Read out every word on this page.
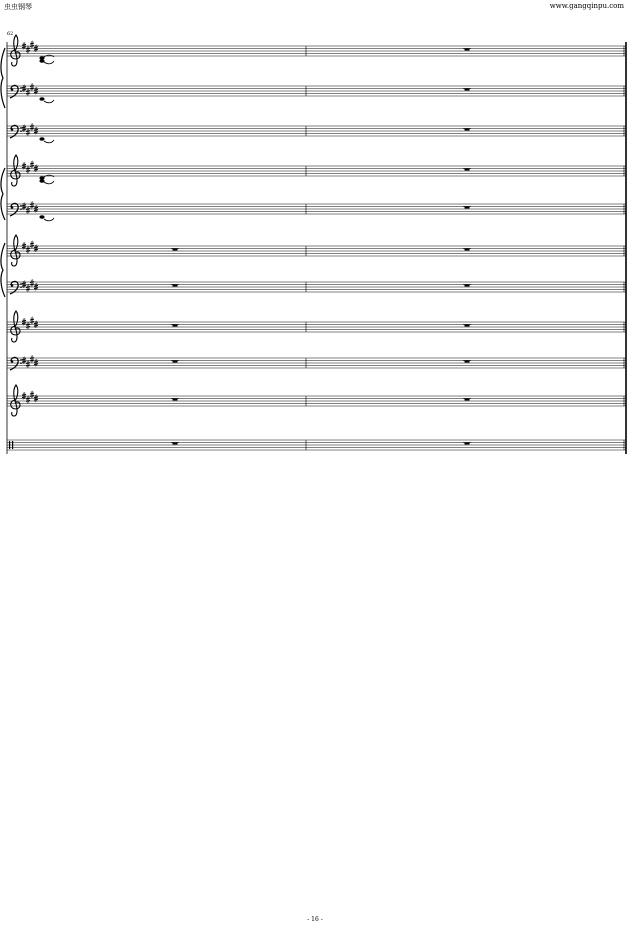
虫虫钢琴	www.gangqinpu.com
62
- 16 -
